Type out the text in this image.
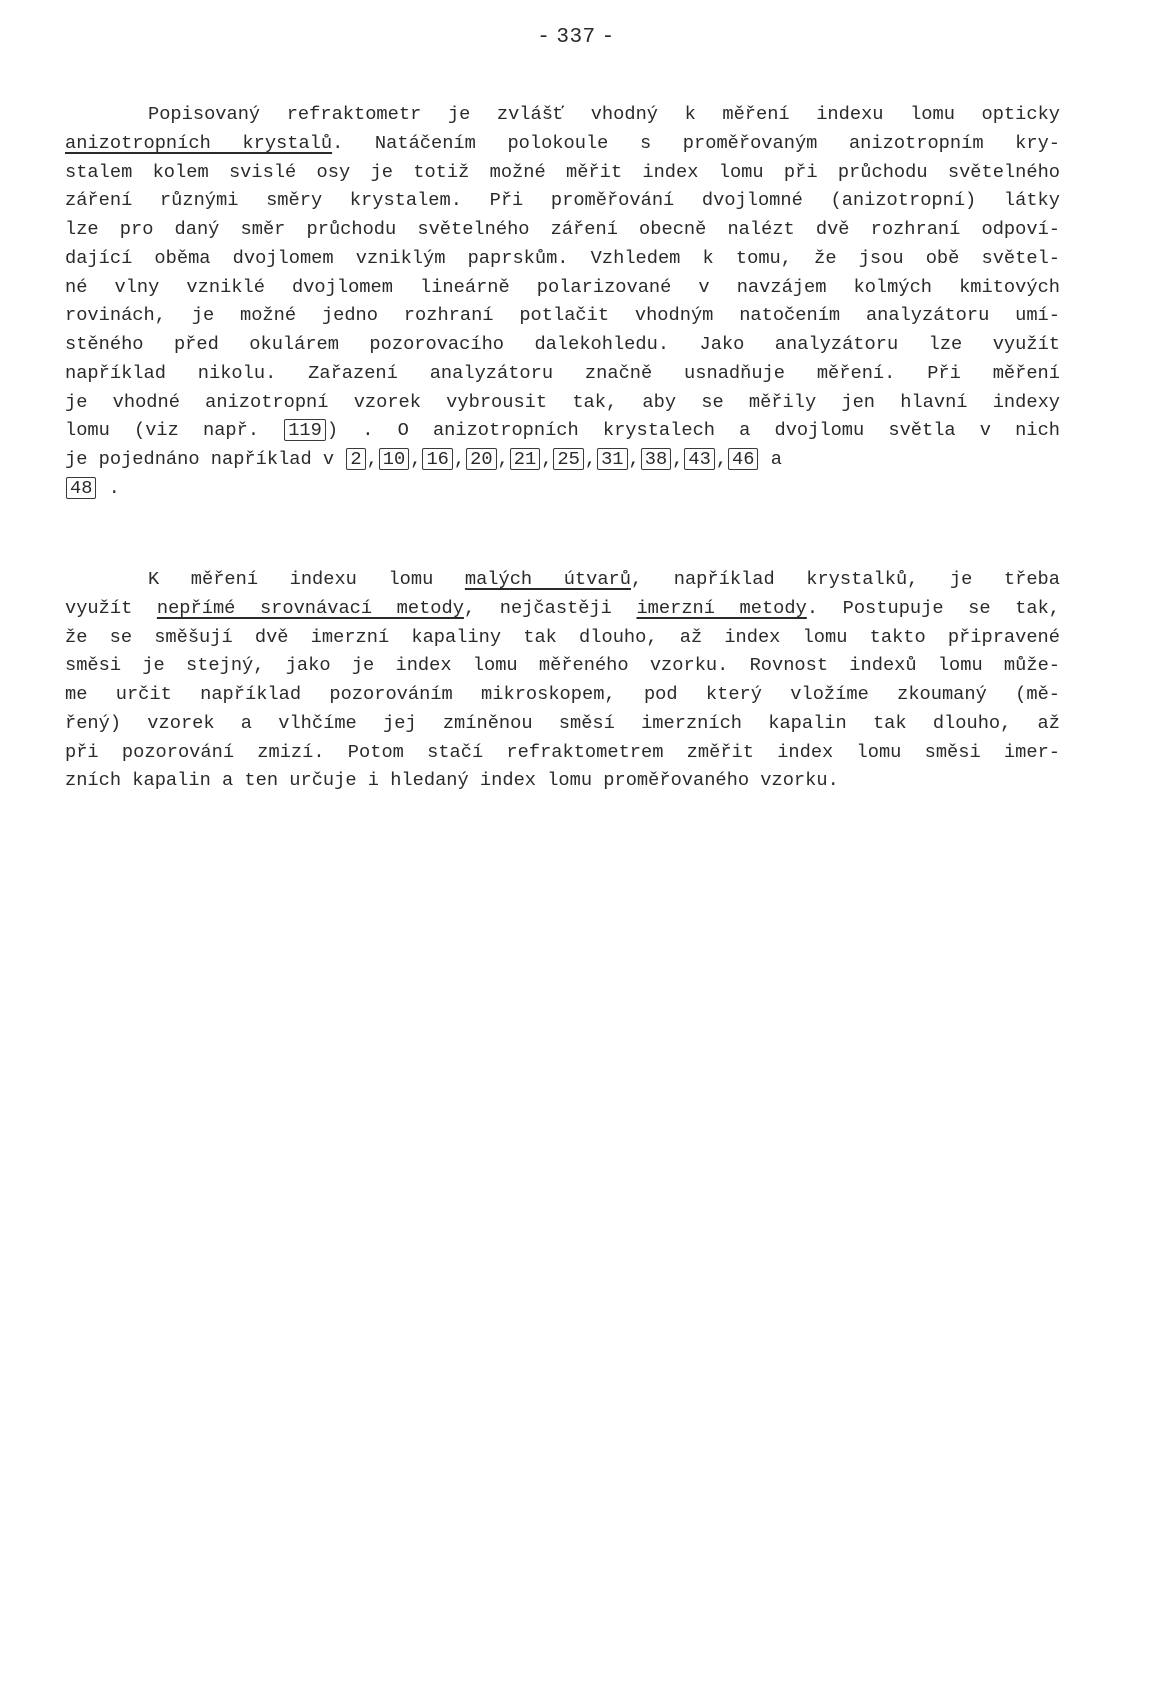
- 337 -
Popisovaný refraktometr je zvlášť vhodný k měření indexu lomu opticky
anizotropních krystalů. Natáčením polokoule s proměřovaným anizotropním kry-
stalem kolem svislé osy je totiž možné měřit index lomu při průchodu světelného
záření různými směry krystalem. Při proměřování dvojlomné (anizotropní) látky
lze pro daný směr průchodu světelného záření obecně nalézt dvě rozhraní odpoví-
dající oběma dvojlomem vzniklým paprskům. Vzhledem k tomu, že jsou obě světel-
né vlny vzniklé dvojlomem lineárně polarizované v navzájem kolmých kmitových
rovinách, je možné jedno rozhraní potlačit vhodným natočením analyzátoru umí-
stěného před okulárem pozorovacího dalekohledu. Jako analyzátoru lze využít
například nikolu. Zařazení analyzátoru značně usnadňuje měření. Při měření
je vhodné anizotropní vzorek vybrousit tak, aby se měřily jen hlavní indexy
lomu (viz např. 119 ) . O anizotropních krystalech a dvojlomu světla v nich
je pojednáno například v 2 , 10 , 16 , 20 , 21 , 25 , 31 , 38 , 43 , 46 a
48 .
K měření indexu lomu malých útvarů, například krystalků, je třeba
využít nepřímé srovnávací metody, nejčastěji imerzní metody. Postupuje se tak,
že se směšují dvě imerzní kapaliny tak dlouho, až index lomu takto připravené
směsi je stejný, jako je index lomu měřeného vzorku. Rovnost indexů lomu může-
me určit například pozorováním mikroskopem, pod který vložíme zkoumaný (mě-
řený) vzorek a vlhčíme jej zmíněnou směsí imerzních kapalin tak dlouho, až
při pozorování zmizí. Potom stačí refraktometrem změřit index lomu směsi imer-
zních kapalin a ten určuje i hledaný index lomu proměřovaného vzorku.
